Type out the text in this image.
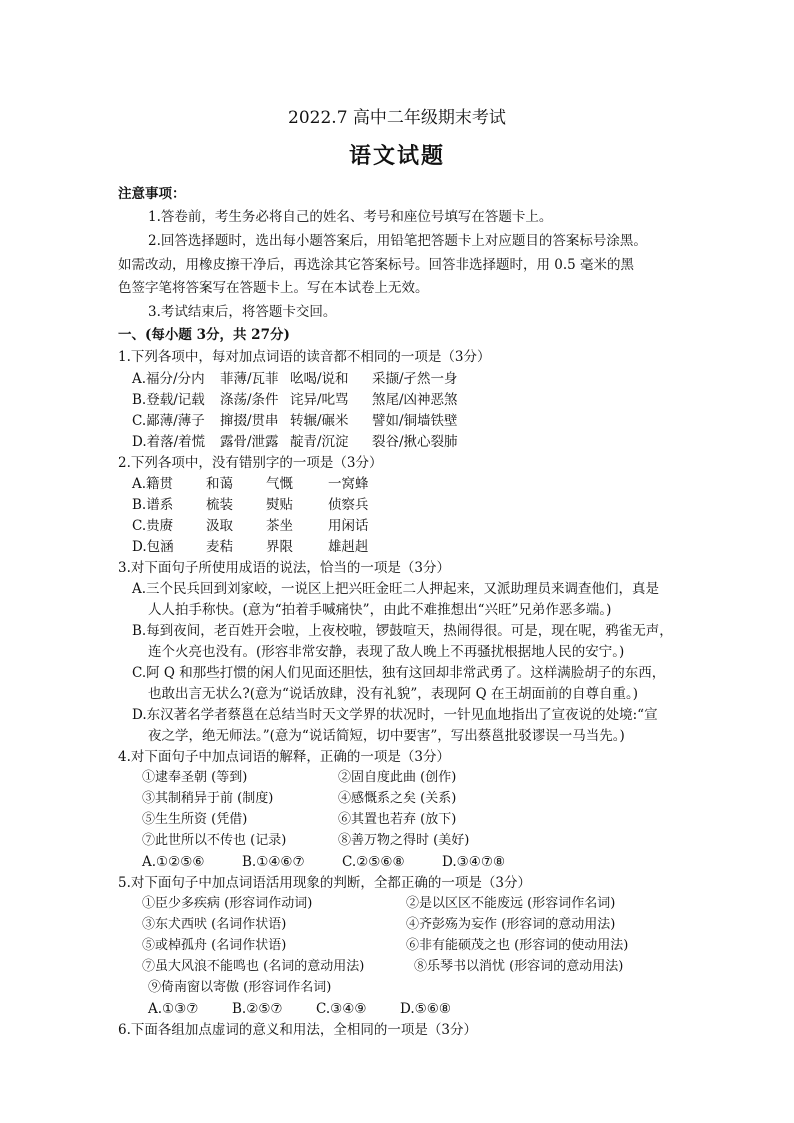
2022.7 高中二年级期末考试
语文试题
注意事项：
1.答卷前，考生务必将自己的姓名、考号和座位号填写在答题卡上。
2.回答选择题时，选出每小题答案后，用铅笔把答题卡上对应题目的答案标号涂黑。
如需改动，用橡皮擦干净后，再选涂其它答案标号。回答非选择题时，用 0.5 毫米的黑
色签字笔将答案写在答题卡上。写在本试卷上无效。
3.考试结束后，将答题卡交回。
一、(每小题 3分，共 27分)
1.下列各项中，每对加点词语的读音都不相同的一项是（3分）
A.福分/分内 菲薄/瓦菲 吆喝/说和 采撷/孑然一身
B.登载/记载 涤荡/条件 诧异/叱骂 煞尾/凶神恶煞
C.鄙薄/薄子 撺掇/贯串 转辗/碾米 譬如/铜墙铁壁
D.着落/着慌 露骨/泄露 靛青/沉淀 裂谷/揪心裂肺
2.下列各项中，没有错别字的一项是（3分）
A.籍贯 和蔼 气慨	一窝蜂
B.谱系 梳装 熨贴	侦察兵
C.贵赓 汲取 茶坐	用闲话
D.包涵 麦秸 界限	雄赳赳
3.对下面句子所使用成语的说法，恰当的一项是（3分）
A.三个民兵回到刘家峧，一说区上把兴旺金旺二人押起来，又派助理员来调查他们，真是
人人拍手称快。(意为“拍着手喊痛快”，由此不难推想出“兴旺”兄弟作恶多端。)
B.每到夜间，老百姓开会啦，上夜校啦，锣鼓喧天，热闹得很。可是，现在呢，鸦雀无声，
连个火亮也没有。(形容非常安静，表现了敌人晚上不再骚扰根据地人民的安宁。)
C.阿 Q 和那些打惯的闲人们见面还胆怯，独有这回却非常武勇了。这样满脸胡子的东西，
也敢出言无状么?(意为“说话放肆，没有礼貌”，表现阿 Q 在王胡面前的自尊自重。)
D.东汉著名学者蔡邕在总结当时天文学界的状况时，一针见血地指出了宣夜说的处境:“宣
夜之学，绝无师法。”(意为“说话简短，切中要害”，写出蔡邕批驳谬误一马当先。)
4.对下面句子中加点词语的解释，正确的一项是（3分）
①逮奉圣朝 (等到)	②固自度此曲 (创作)
③其制稍异于前 (制度)	④感慨系之矣 (关系)
⑤生生所资 (凭借)	⑥其置也若弃 (放下)
⑦此世所以不传也 (记录)	⑧善万物之得时 (美好)
A.①②⑤⑥	B.①④⑥⑦	C.②⑤⑥⑧	D.③④⑦⑧
5.对下面句子中加点词语活用现象的判断，全都正确的一项是（3分）
①臣少多疾病 (形容词作动词)	②是以区区不能废远 (形容词作名词)
③东犬西吠 (名词作状语)	④齐彭殇为妄作 (形容词的意动用法)
⑤或棹孤舟 (名词作状语)	⑥非有能硕茂之也 (形容词的使动用法)
⑦虽大风浪不能鸣也 (名词的意动用法)	⑧乐琴书以消忧 (形容词的意动用法)
⑨倚南窗以寄傲 (形容词作名词)
A.①③⑦ B.②⑤⑦ C.③④⑨ D.⑤⑥⑧
6.下面各组加点虚词的意义和用法，全相同的一项是（3分）
